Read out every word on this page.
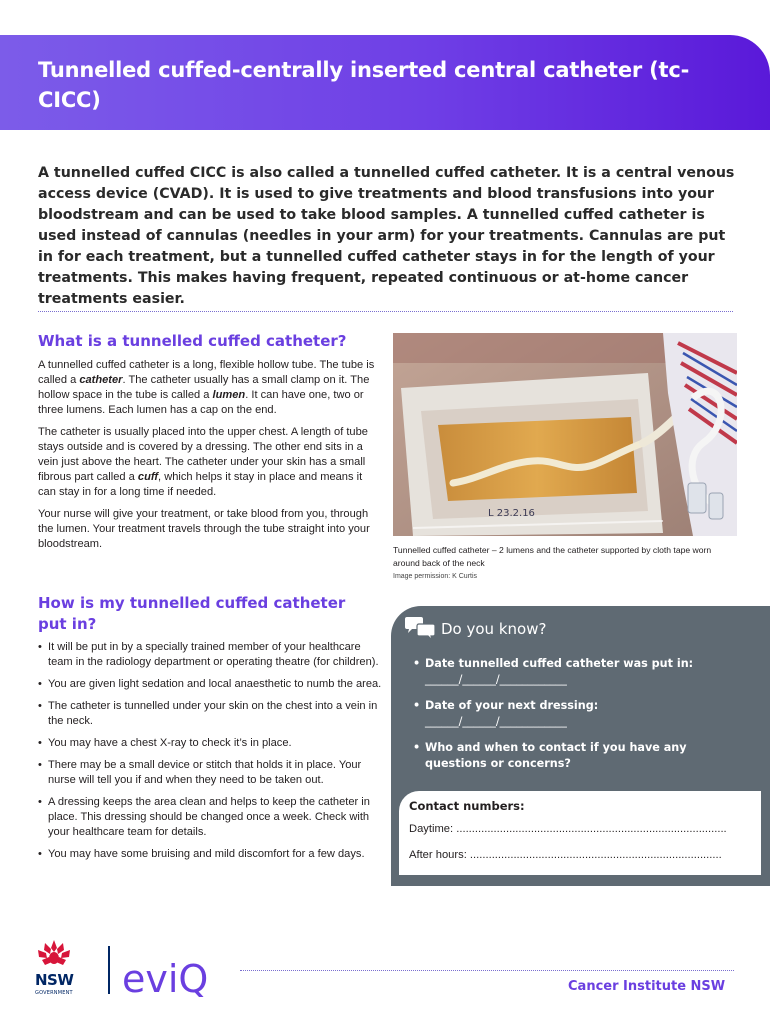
Tunnelled cuffed-centrally inserted central catheter (tc-CICC)
A tunnelled cuffed CICC is also called a tunnelled cuffed catheter. It is a central venous access device (CVAD). It is used to give treatments and blood transfusions into your bloodstream and can be used to take blood samples. A tunnelled cuffed catheter is used instead of cannulas (needles in your arm) for your treatments. Cannulas are put in for each treatment, but a tunnelled cuffed catheter stays in for the length of your treatments. This makes having frequent, repeated continuous or at-home cancer treatments easier.
What is a tunnelled cuffed catheter?

A tunnelled cuffed catheter is a long, flexible hollow tube. The tube is called a catheter. The catheter usually has a small clamp on it. The hollow space in the tube is called a lumen. It can have one, two or three lumens. Each lumen has a cap on the end.

The catheter is usually placed into the upper chest. A length of tube stays outside and is covered by a dressing. The other end sits in a vein just above the heart. The catheter under your skin has a small fibrous part called a cuff, which helps it stay in place and means it can stay in for a long time if needed.

Your nurse will give your treatment, or take blood from you, through the lumen. Your treatment travels through the tube straight into your bloodstream.

L 23.2.16
Tunnelled cuffed catheter – 2 lumens and the catheter supported by cloth tape worn around back of the neck
Image permission: K Curtis
How is my tunnelled cuffed catheter put in?
• It will be put in by a specially trained member of your healthcare team in the radiology department or operating theatre (for children).
• You are given light sedation and local anaesthetic to numb the area.
• The catheter is tunnelled under your skin on the chest into a vein in the neck.
• You may have a chest X-ray to check it’s in place.
• There may be a small device or stitch that holds it in place. Your nurse will tell you if and when they need to be taken out.
• A dressing keeps the area clean and helps to keep the catheter in place. This dressing should be changed once a week. Check with your healthcare team for details.
• You may have some bruising and mild discomfort for a few days.
Do you know?
• Date tunnelled cuffed catheter was put in:
______/______/____________
• Date of your next dressing:
______/______/____________
• Who and when to contact if you have any questions or concerns?
Contact numbers:
Daytime: .......................................................................................
After hours: .................................................................................
NSW
GOVERNMENT eviQ	Cancer Institute NSW
